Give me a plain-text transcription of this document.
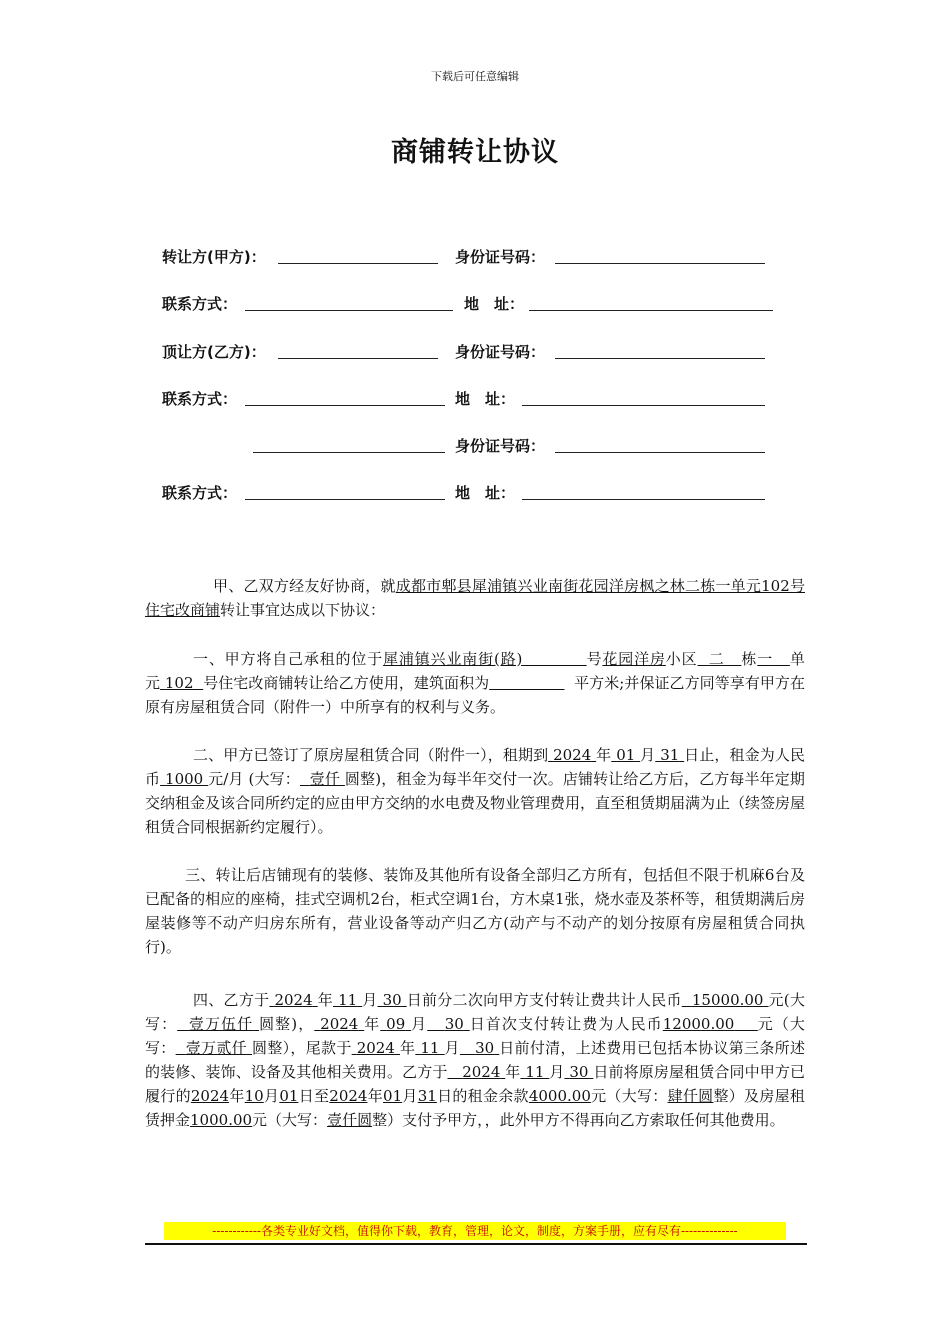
下载后可任意编辑
商铺转让协议
转让方(甲方)：	身份证号码：
联系方式：	地　址：
顶让方(乙方)：	身份证号码：
联系方式：	地　址：
身份证号码：
联系方式：	地　址：

甲、乙双方经友好协商，就成都市郫县犀浦镇兴业南街花园洋房枫之林二栋一单元102号住宅改商铺转让事宜达成以下协议：

一、甲方将自己承租的位于犀浦镇兴业南街(路)　　　　	号花园洋房小区 二 栋一 单元 102 号住宅改商铺转让给乙方使用，建筑面积为　　　　　	平方米;并保证乙方同等享有甲方在原有房屋租赁合同（附件一）中所享有的权利与义务。

二、甲方已签订了原房屋租赁合同（附件一），租期到 2024 年 01 月 31 日止，租金为人民币 1000 元/月 (大写： 壹仟 圆整)，租金为每半年交付一次。店铺转让给乙方后，乙方每半年定期交纳租金及该合同所约定的应由甲方交纳的水电费及物业管理费用，直至租赁期届满为止（续签房屋租赁合同根据新约定履行）。

三、转让后店铺现有的装修、装饰及其他所有设备全部归乙方所有，包括但不限于机麻6台及已配备的相应的座椅，挂式空调机2台，柜式空调1台，方木桌1张，烧水壶及茶杯等，租赁期满后房屋装修等不动产归房东所有，营业设备等动产归乙方(动产与不动产的划分按原有房屋租赁合同执行)。

四、乙方于 2024 年 11 月 30 日前分二次向甲方支付转让费共计人民币 15000.00 元(大写： 壹万伍仟 圆整)， 2024 年 09 月 30 日首次支付转让费为人民币12000.00 元（大写： 壹万贰仟 圆整），尾款于 2024 年 11 月 30 日前付清，上述费用已包括本协议第三条所述的装修、装饰、设备及其他相关费用。乙方于 2024 年 11 月 30 日前将原房屋租赁合同中甲方已履行的2024年10月01日至2024年01月31日的租金余款4000.00元（大写：肆仟圆整）及房屋租赁押金1000.00元（大写：壹仟圆整）支付予甲方，，此外甲方不得再向乙方索取任何其他费用。

------------各类专业好文档，值得你下载，教育，管理，论文，制度，方案手册，应有尽有--------------
